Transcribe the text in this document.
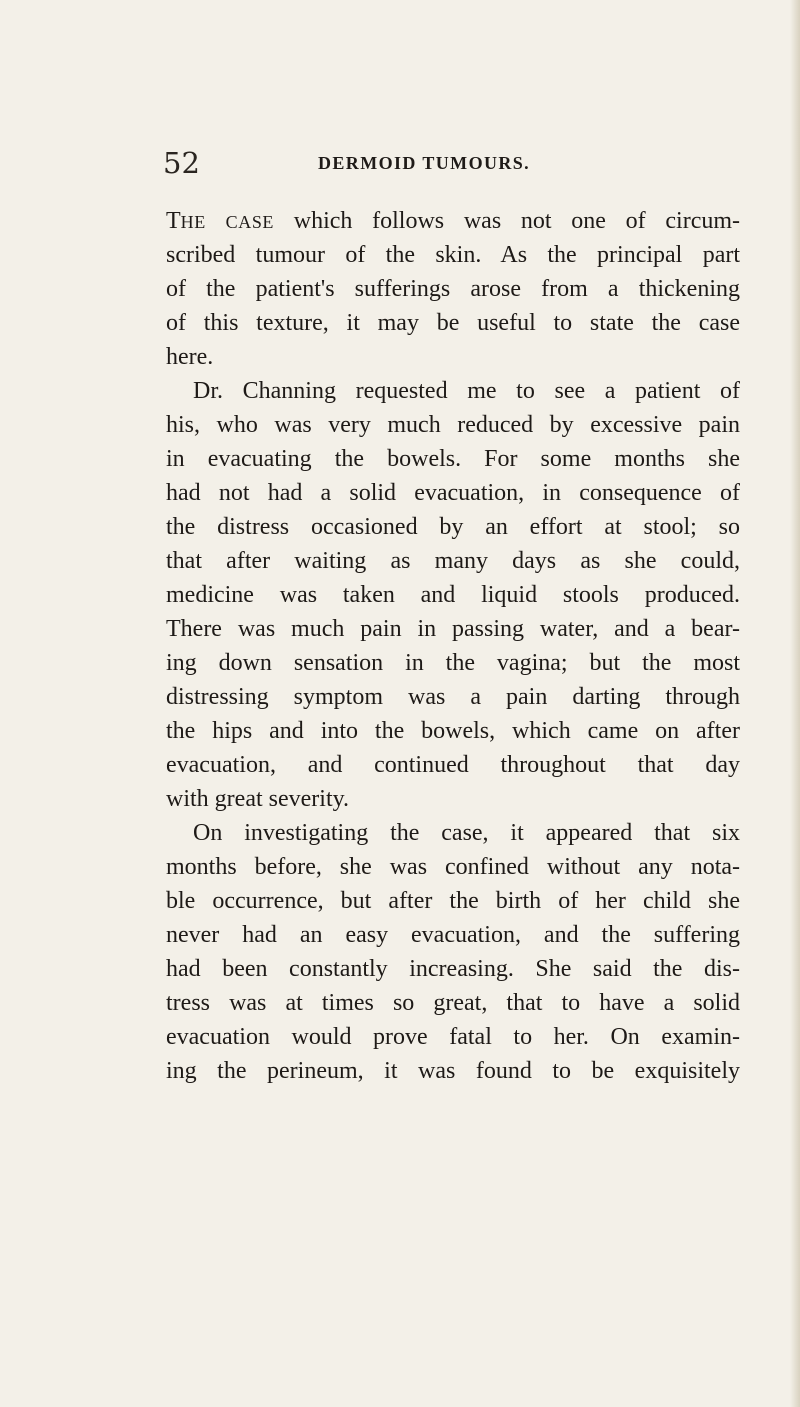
52	DERMOID TUMOURS.
THE CASE which follows was not one of circum-
scribed tumour of the skin. As the principal part
of the patient's sufferings arose from a thickening
of this texture, it may be useful to state the case
here.
Dr. Channing requested me to see a patient of
his, who was very much reduced by excessive pain
in evacuating the bowels. For some months she
had not had a solid evacuation, in consequence of
the distress occasioned by an effort at stool; so
that after waiting as many days as she could,
medicine was taken and liquid stools produced.
There was much pain in passing water, and a bear-
ing down sensation in the vagina; but the most
distressing symptom was a pain darting through
the hips and into the bowels, which came on after
evacuation, and continued throughout that day
with great severity.
On investigating the case, it appeared that six
months before, she was confined without any nota-
ble occurrence, but after the birth of her child she
never had an easy evacuation, and the suffering
had been constantly increasing. She said the dis-
tress was at times so great, that to have a solid
evacuation would prove fatal to her. On examin-
ing the perineum, it was found to be exquisitely
